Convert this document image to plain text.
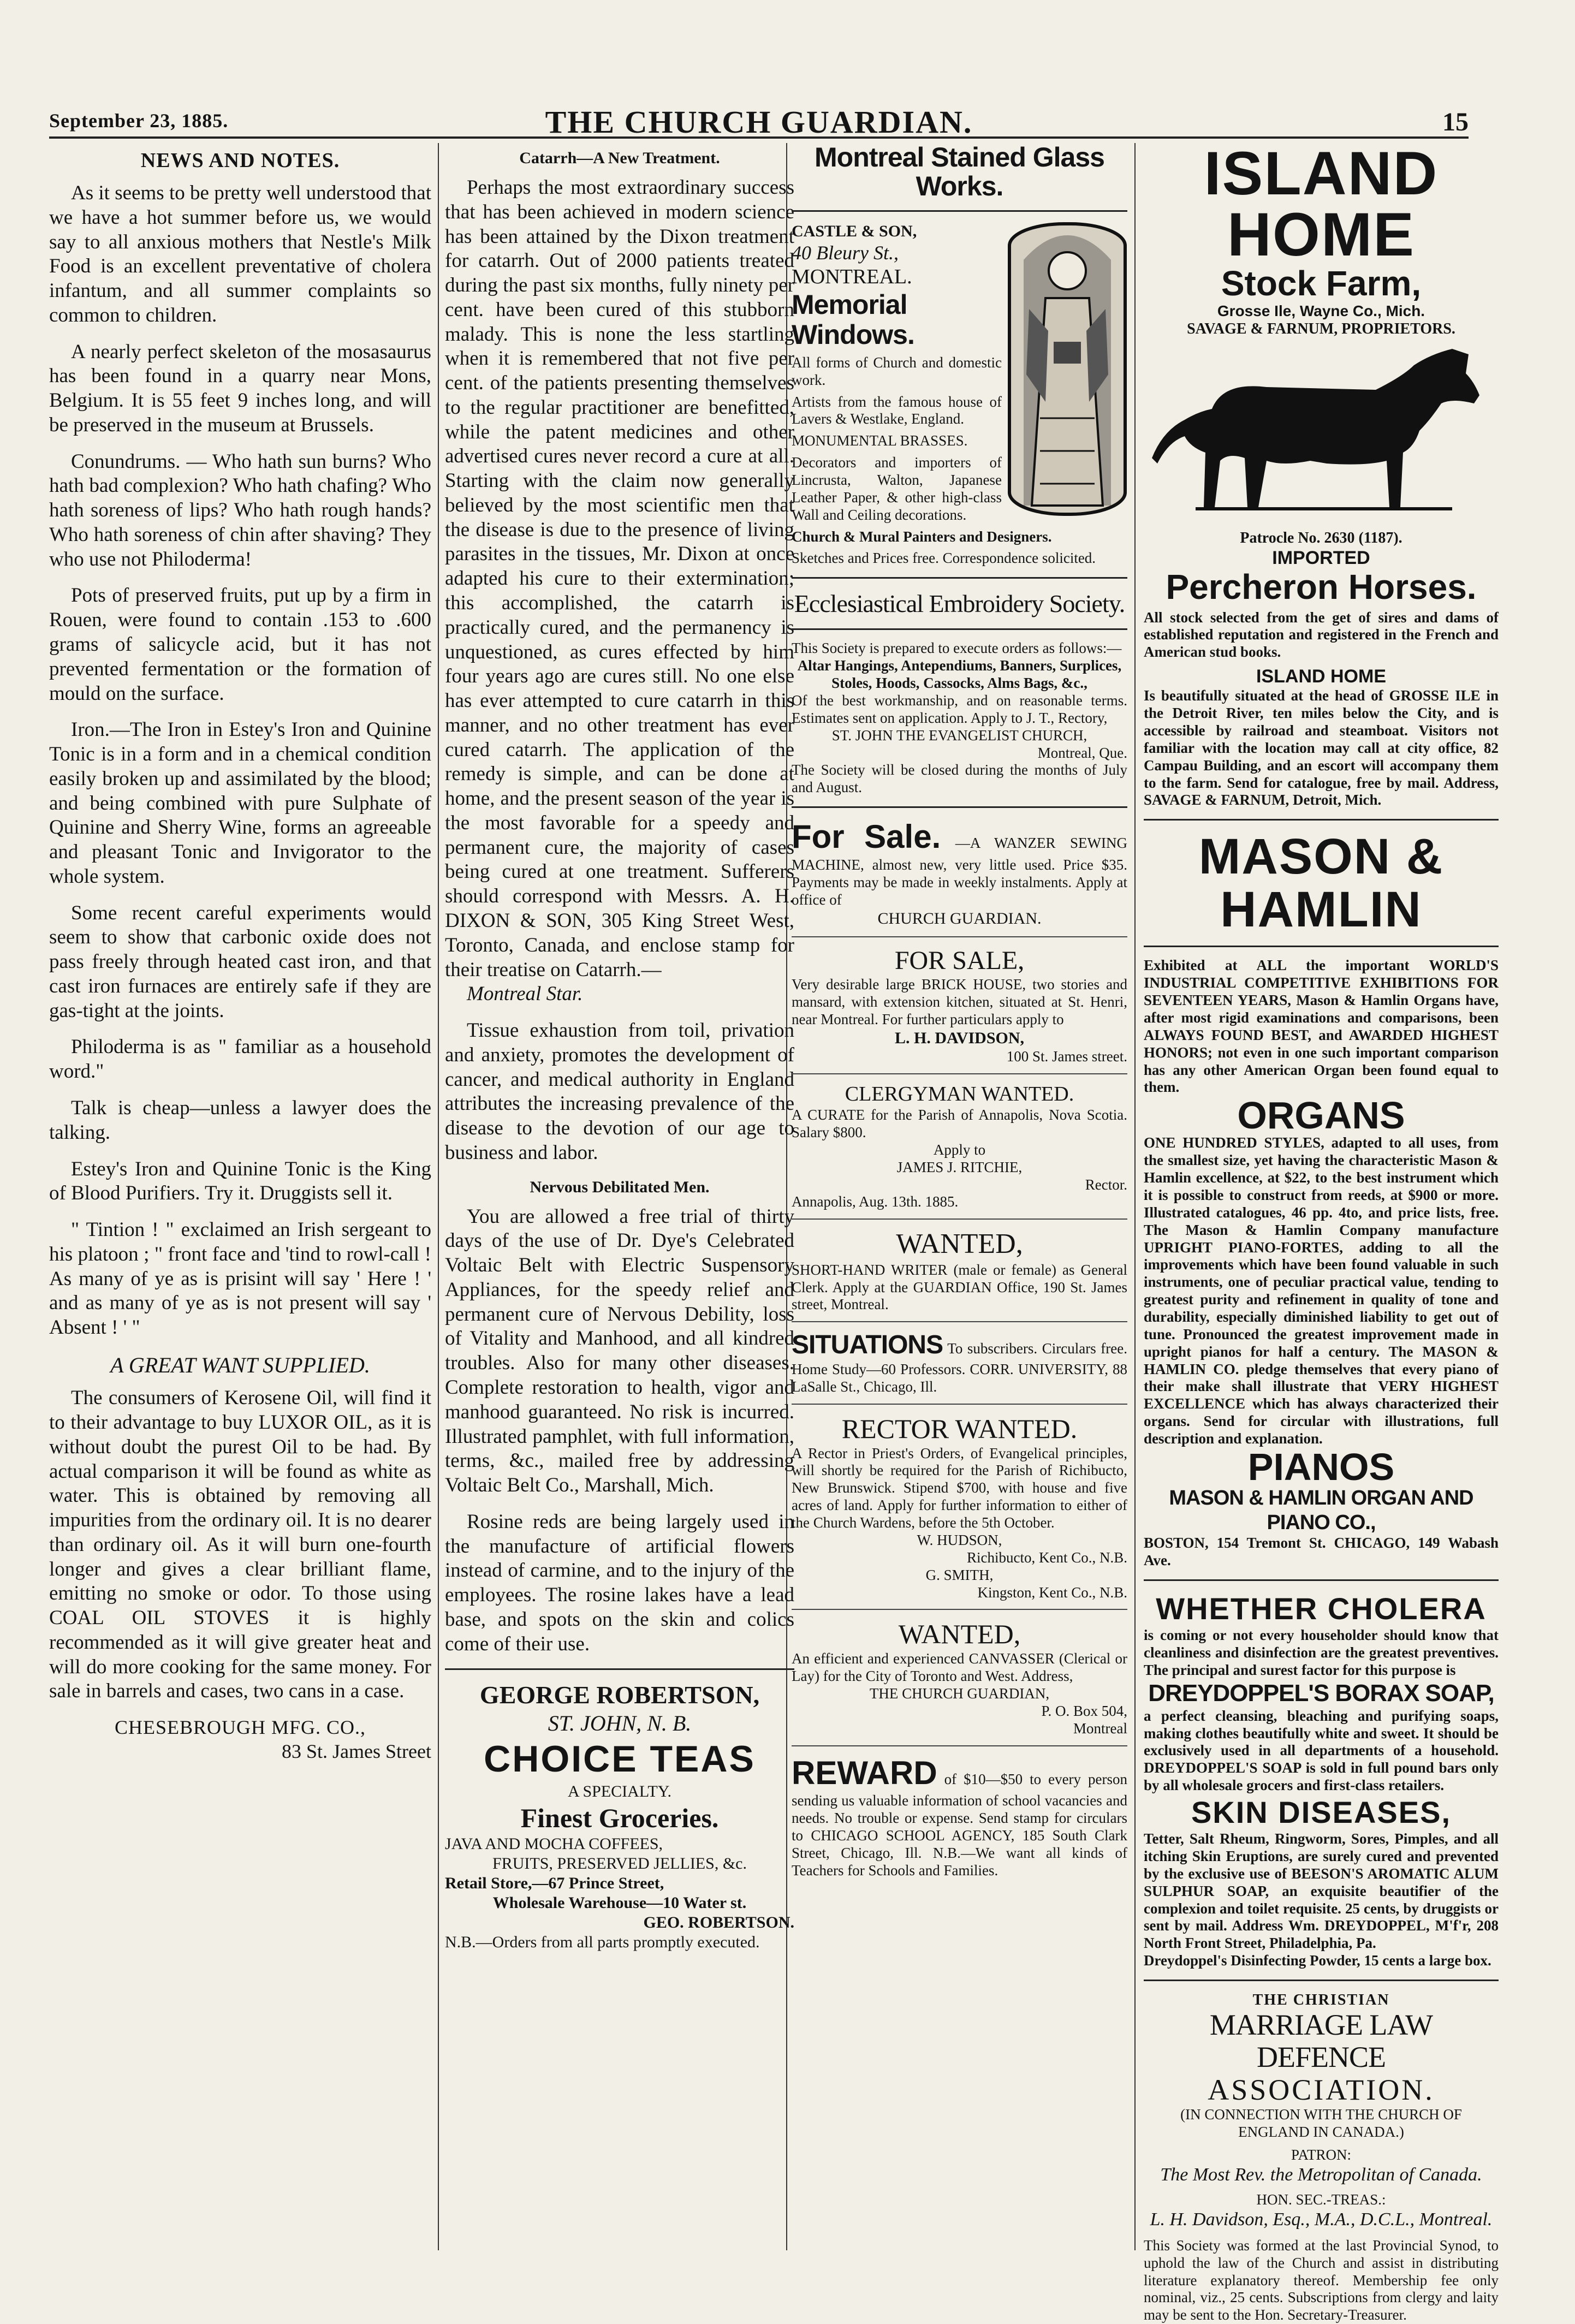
September 23, 1885.	THE CHURCH GUARDIAN.	15
NEWS AND NOTES.

As it seems to be pretty well understood that we have a hot summer before us, we would say to all anxious mothers that Nestle's Milk Food is an excellent preventative of cholera infantum, and all summer complaints so common to children.

A nearly perfect skeleton of the mosasaurus has been found in a quarry near Mons, Belgium. It is 55 feet 9 inches long, and will be preserved in the museum at Brussels.

Conundrums. — Who hath sun burns? Who hath bad complexion? Who hath chafing? Who hath soreness of lips? Who hath rough hands? Who hath soreness of chin after shaving? They who use not Philoderma!

Pots of preserved fruits, put up by a firm in Rouen, were found to contain .153 to .600 grams of salicycle acid, but it has not prevented fermentation or the formation of mould on the surface.

Iron.—The Iron in Estey's Iron and Quinine Tonic is in a form and in a chemical condition easily broken up and assimilated by the blood; and being combined with pure Sulphate of Quinine and Sherry Wine, forms an agreeable and pleasant Tonic and Invigorator to the whole system.

Some recent careful experiments would seem to show that carbonic oxide does not pass freely through heated cast iron, and that cast iron furnaces are entirely safe if they are gas-tight at the joints.

Philoderma is as " familiar as a household word."

Talk is cheap—unless a lawyer does the talking.

Estey's Iron and Quinine Tonic is the King of Blood Purifiers. Try it. Druggists sell it.

" Tintion ! " exclaimed an Irish sergeant to his platoon ; " front face and 'tind to rowl-call ! As many of ye as is prisint will say ' Here ! ' and as many of ye as is not present will say ' Absent ! ' "

A GREAT WANT SUPPLIED.

The consumers of Kerosene Oil, will find it to their advantage to buy LUXOR OIL, as it is without doubt the purest Oil to be had. By actual comparison it will be found as white as water. This is obtained by removing all impurities from the ordinary oil. It is no dearer than ordinary oil. As it will burn one-fourth longer and gives a clear brilliant flame, emitting no smoke or odor. To those using COAL OIL STOVES it is highly recommended as it will give greater heat and will do more cooking for the same money. For sale in barrels and cases, two cans in a case.

CHESEBROUGH MFG. CO.,
83 St. James Street
Catarrh—A New Treatment.

Perhaps the most extraordinary success that has been achieved in modern science has been attained by the Dixon treatment for catarrh. Out of 2000 patients treated during the past six months, fully ninety per cent. have been cured of this stubborn malady. This is none the less startling when it is remembered that not five per cent. of the patients presenting themselves to the regular practitioner are benefitted, while the patent medicines and other advertised cures never record a cure at all. Starting with the claim now generally believed by the most scientific men that the disease is due to the presence of living parasites in the tissues, Mr. Dixon at once adapted his cure to their extermination; this accomplished, the catarrh is practically cured, and the permanency is unquestioned, as cures effected by him four years ago are cures still. No one else has ever attempted to cure catarrh in this manner, and no other treatment has ever cured catarrh. The application of the remedy is simple, and can be done at home, and the present season of the year is the most favorable for a speedy and permanent cure, the majority of cases being cured at one treatment. Sufferers should correspond with Messrs. A. H. DIXON & SON, 305 King Street West, Toronto, Canada, and enclose stamp for their treatise on Catarrh.—

Montreal Star.

Tissue exhaustion from toil, privation and anxiety, promotes the development of cancer, and medical authority in England attributes the increasing prevalence of the disease to the devotion of our age to business and labor.

Nervous Debilitated Men.

You are allowed a free trial of thirty days of the use of Dr. Dye's Celebrated Voltaic Belt with Electric Suspensory Appliances, for the speedy relief and permanent cure of Nervous Debility, loss of Vitality and Manhood, and all kindred troubles. Also for many other diseases. Complete restoration to health, vigor and manhood guaranteed. No risk is incurred. Illustrated pamphlet, with full information, terms, &c., mailed free by addressing Voltaic Belt Co., Marshall, Mich.

Rosine reds are being largely used in the manufacture of artificial flowers instead of carmine, and to the injury of the employees. The rosine lakes have a lead base, and spots on the skin and colics come of their use.

GEORGE ROBERTSON,
ST. JOHN, N. B.
CHOICE TEAS
A SPECIALTY.
Finest Groceries.
JAVA AND MOCHA COFFEES,
FRUITS, PRESERVED JELLIES, &c.
Retail Store,—67 Prince Street,
Wholesale Warehouse—10 Water st.
GEO. ROBERTSON.
N.B.—Orders from all parts promptly executed.
Montreal Stained Glass Works.
CASTLE & SON,
40 Bleury St.,
MONTREAL.
Memorial Windows.
All forms of Church and domestic work.
Artists from the famous house of Lavers & Westlake, England.
MONUMENTAL BRASSES.
Decorators and importers of Lincrusta, Walton, Japanese Leather Paper, & other high-class Wall and Ceiling decorations.
Church & Mural Painters and Designers.
Sketches and Prices free. Correspondence solicited.
Ecclesiastical Embroidery Society.
This Society is prepared to execute orders as follows:—
Altar Hangings, Antependiums, Banners, Surplices, Stoles, Hoods, Cassocks, Alms Bags, &c.,
Of the best workmanship, and on reasonable terms. Estimates sent on application. Apply to J. T., Rectory,
ST. JOHN THE EVANGELIST CHURCH,
Montreal, Que.
The Society will be closed during the months of July and August.
For Sale. —A WANZER SEWING MACHINE, almost new, very little used. Price $35. Payments may be made in weekly instalments. Apply at office of
CHURCH GUARDIAN.
FOR SALE,
Very desirable large BRICK HOUSE, two stories and mansard, with extension kitchen, situated at St. Henri, near Montreal. For further particulars apply to
L. H. DAVIDSON,
100 St. James street.
CLERGYMAN WANTED.
A CURATE for the Parish of Annapolis, Nova Scotia. Salary $800.
Apply to
JAMES J. RITCHIE,
Rector.
Annapolis, Aug. 13th. 1885.
WANTED,
SHORT-HAND WRITER (male or female) as General Clerk. Apply at the GUARDIAN Office, 190 St. James street, Montreal.
SITUATIONS To subscribers. Circulars free. Home Study—60 Professors. CORR. UNIVERSITY, 88 LaSalle St., Chicago, Ill.
RECTOR WANTED.
A Rector in Priest's Orders, of Evangelical principles, will shortly be required for the Parish of Richibucto, New Brunswick. Stipend $700, with house and five acres of land. Apply for further information to either of the Church Wardens, before the 5th October.
W. HUDSON,
Richibucto, Kent Co., N.B.
G. SMITH,
Kingston, Kent Co., N.B.
WANTED,
An efficient and experienced CANVASSER (Clerical or Lay) for the City of Toronto and West. Address,
THE CHURCH GUARDIAN,
P. O. Box 504,
Montreal
REWARD of $10—$50 to every person sending us valuable information of school vacancies and needs. No trouble or expense. Send stamp for circulars to CHICAGO SCHOOL AGENCY, 185 South Clark Street, Chicago, Ill. N.B.—We want all kinds of Teachers for Schools and Families.
ISLAND HOME
Stock Farm,
Grosse Ile, Wayne Co., Mich.
SAVAGE & FARNUM, PROPRIETORS.
Patrocle No. 2630 (1187).
IMPORTED
Percheron Horses.
All stock selected from the get of sires and dams of established reputation and registered in the French and American stud books.
ISLAND HOME
Is beautifully situated at the head of GROSSE ILE in the Detroit River, ten miles below the City, and is accessible by railroad and steamboat. Visitors not familiar with the location may call at city office, 82 Campau Building, and an escort will accompany them to the farm. Send for catalogue, free by mail. Address, SAVAGE & FARNUM, Detroit, Mich.
MASON & HAMLIN
Exhibited at ALL the important WORLD'S INDUSTRIAL COMPETITIVE EXHIBITIONS FOR SEVENTEEN YEARS, Mason & Hamlin Organs have, after most rigid examinations and comparisons, been ALWAYS FOUND BEST, and AWARDED HIGHEST HONORS; not even in one such important comparison has any other American Organ been found equal to them.
ORGANS
ONE HUNDRED STYLES, adapted to all uses, from the smallest size, yet having the characteristic Mason & Hamlin excellence, at $22, to the best instrument which it is possible to construct from reeds, at $900 or more. Illustrated catalogues, 46 pp. 4to, and price lists, free. The Mason & Hamlin Company manufacture UPRIGHT PIANO-FORTES, adding to all the improvements which have been found valuable in such instruments, one of peculiar practical value, tending to greatest purity and refinement in quality of tone and durability, especially diminished liability to get out of tune. Pronounced the greatest improvement made in upright pianos for half a century. The MASON & HAMLIN CO. pledge themselves that every piano of their make shall illustrate that VERY HIGHEST EXCELLENCE which has always characterized their organs. Send for circular with illustrations, full description and explanation.
PIANOS
MASON & HAMLIN ORGAN AND PIANO CO.,
BOSTON, 154 Tremont St. CHICAGO, 149 Wabash Ave.
WHETHER CHOLERA
is coming or not every householder should know that cleanliness and disinfection are the greatest preventives. The principal and surest factor for this purpose is
DREYDOPPEL'S BORAX SOAP,
a perfect cleansing, bleaching and purifying soaps, making clothes beautifully white and sweet. It should be exclusively used in all departments of a household. DREYDOPPEL'S SOAP is sold in full pound bars only by all wholesale grocers and first-class retailers.
SKIN DISEASES,
Tetter, Salt Rheum, Ringworm, Sores, Pimples, and all itching Skin Eruptions, are surely cured and prevented by the exclusive use of BEESON'S AROMATIC ALUM SULPHUR SOAP, an exquisite beautifier of the complexion and toilet requisite. 25 cents, by druggists or sent by mail. Address Wm. DREYDOPPEL, M'f'r, 208 North Front Street, Philadelphia, Pa.
Dreydoppel's Disinfecting Powder, 15 cents a large box.
THE CHRISTIAN
MARRIAGE LAW DEFENCE
ASSOCIATION.
(IN CONNECTION WITH THE CHURCH OF ENGLAND IN CANADA.)
PATRON:
The Most Rev. the Metropolitan of Canada.
HON. SEC.-TREAS.:
L. H. Davidson, Esq., M.A., D.C.L., Montreal.
This Society was formed at the last Provincial Synod, to uphold the law of the Church and assist in distributing literature explanatory thereof. Membership fee only nominal, viz., 25 cents. Subscriptions from clergy and laity may be sent to the Hon. Secretary-Treasurer.
